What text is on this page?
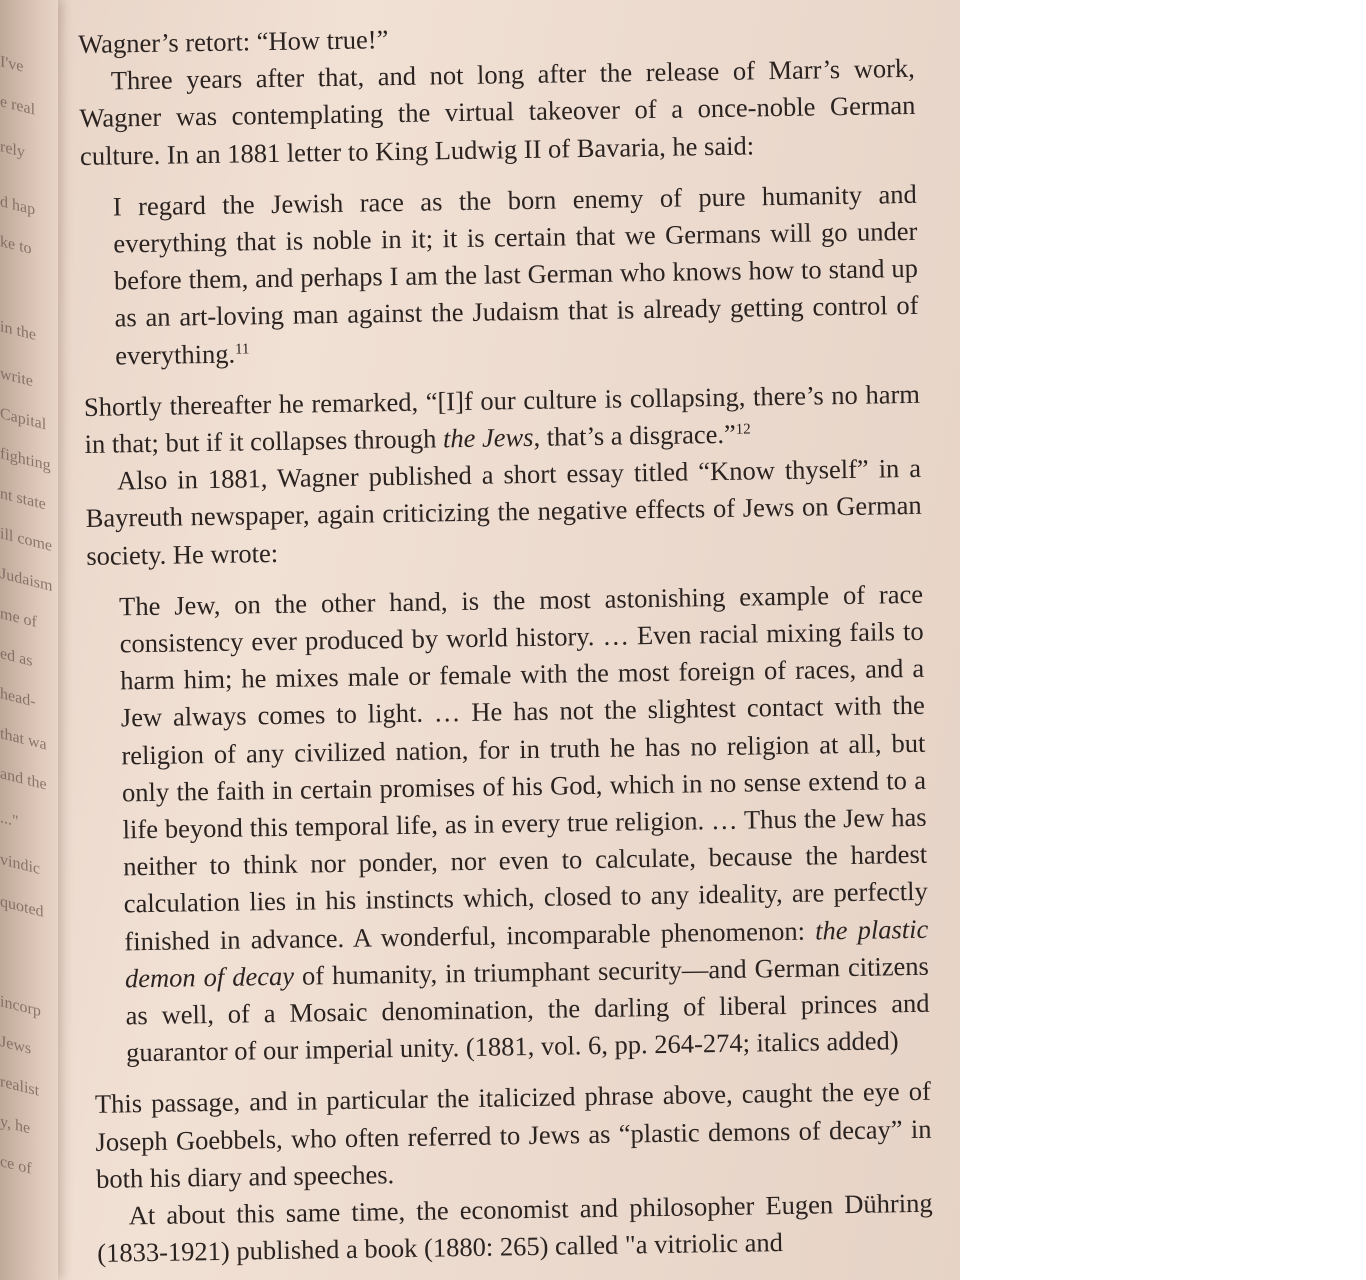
I've
e real
rely
d hap
ke to
in the
write
Capital
fighting
nt state
ill come
Judaism
me of
ed as
head-
that wa
and the
..."
vindic
quoted
incorp
Jews
realist
y, he
ce of

Wagner’s retort: “How true!”

Three years after that, and not long after the release of Marr’s work, Wagner was contemplating the virtual takeover of a once-noble German culture. In an 1881 letter to King Ludwig II of Bavaria, he said:

I regard the Jewish race as the born enemy of pure humanity and everything that is noble in it; it is certain that we Germans will go under before them, and perhaps I am the last German who knows how to stand up as an art-loving man against the Judaism that is already getting control of everything.$^{11}$

Shortly thereafter he remarked, “[I]f our culture is collapsing, there’s no harm in that; but if it collapses through the Jews, that’s a disgrace.”$^{12}$

Also in 1881, Wagner published a short essay titled “Know thyself” in a Bayreuth newspaper, again criticizing the negative effects of Jews on German society. He wrote:

The Jew, on the other hand, is the most astonishing example of race consistency ever produced by world history. … Even racial mixing fails to harm him; he mixes male or female with the most foreign of races, and a Jew always comes to light. … He has not the slightest contact with the religion of any civilized nation, for in truth he has no religion at all, but only the faith in certain promises of his God, which in no sense extend to a life beyond this temporal life, as in every true religion. … Thus the Jew has neither to think nor ponder, nor even to calculate, because the hardest calculation lies in his instincts which, closed to any ideality, are perfectly finished in advance. A wonderful, incomparable phenomenon: the plastic demon of decay of humanity, in triumphant security—and German citizens as well, of a Mosaic denomination, the darling of liberal princes and guarantor of our imperial unity. (1881, vol. 6, pp. 264-274; italics added)

This passage, and in particular the italicized phrase above, caught the eye of Joseph Goebbels, who often referred to Jews as “plastic demons of decay” in both his diary and speeches.

At about this same time, the economist and philosopher Eugen Dühring (1833-1921) published a book (1880: 265) called "a vitriolic and
